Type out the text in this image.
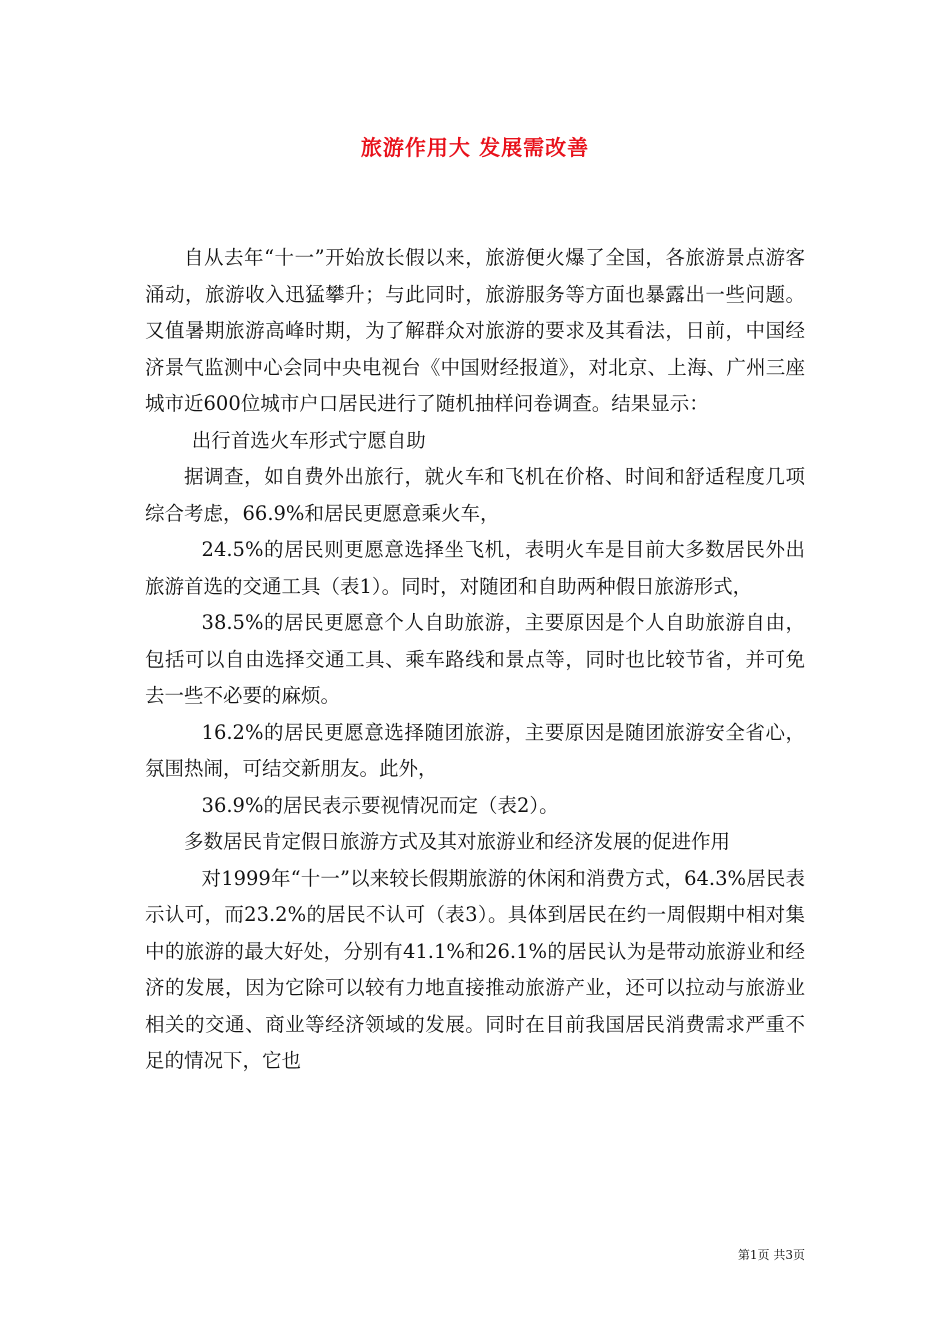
旅游作用大 发展需改善

自从去年“十一”开始放长假以来，旅游便火爆了全国，各旅游景点游客涌动，旅游收入迅猛攀升；与此同时，旅游服务等方面也暴露出一些问题。又值暑期旅游高峰时期，为了解群众对旅游的要求及其看法，日前，中国经济景气监测中心会同中央电视台《中国财经报道》，对北京、上海、广州三座城市近600位城市户口居民进行了随机抽样问卷调查。结果显示：

出行首选火车形式宁愿自助

据调查，如自费外出旅行，就火车和飞机在价格、时间和舒适程度几项综合考虑，66.9%和居民更愿意乘火车，

24.5%的居民则更愿意选择坐飞机，表明火车是目前大多数居民外出旅游首选的交通工具（表1）。同时，对随团和自助两种假日旅游形式，

38.5%的居民更愿意个人自助旅游，主要原因是个人自助旅游自由，包括可以自由选择交通工具、乘车路线和景点等，同时也比较节省，并可免去一些不必要的麻烦。

16.2%的居民更愿意选择随团旅游，主要原因是随团旅游安全省心，氛围热闹，可结交新朋友。此外，

36.9%的居民表示要视情况而定（表2）。

多数居民肯定假日旅游方式及其对旅游业和经济发展的促进作用

对1999年“十一”以来较长假期旅游的休闲和消费方式，64.3%居民表示认可，而23.2%的居民不认可（表3）。具体到居民在约一周假期中相对集中的旅游的最大好处，分别有41.1%和26.1%的居民认为是带动旅游业和经济的发展，因为它除可以较有力地直接推动旅游产业，还可以拉动与旅游业相关的交通、商业等经济领域的发展。同时在目前我国居民消费需求严重不足的情况下，它也

第1页 共3页
